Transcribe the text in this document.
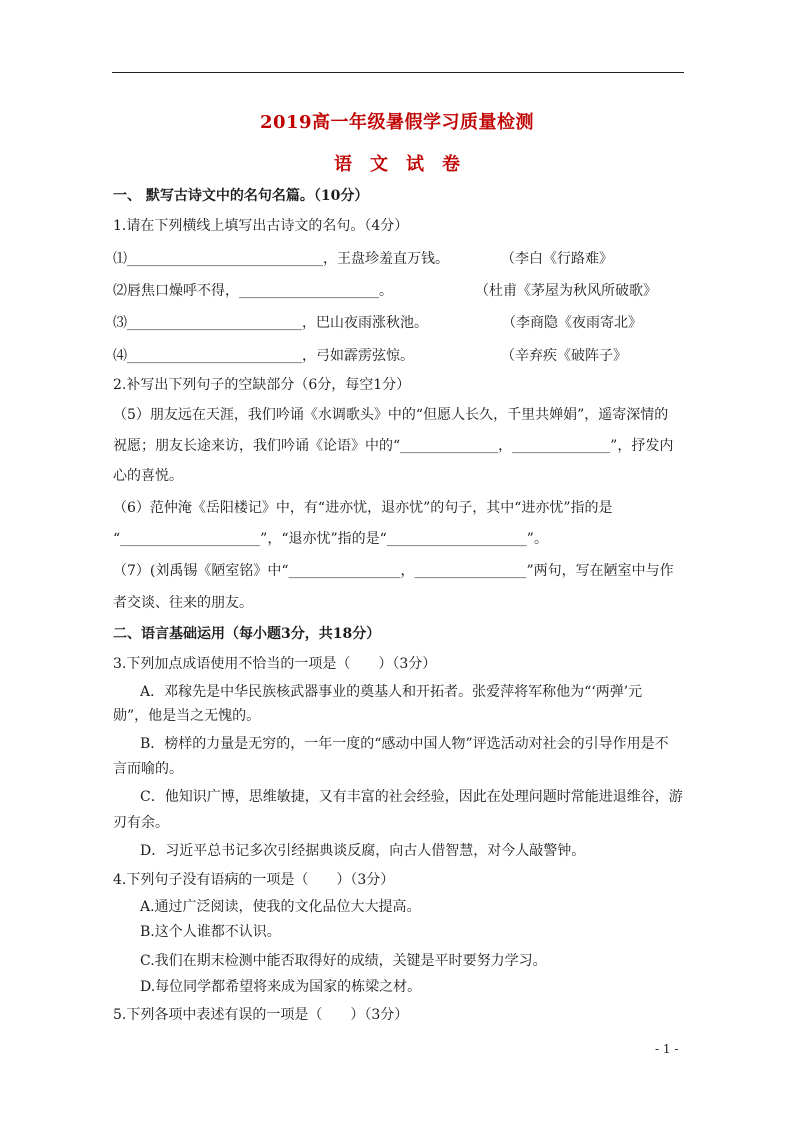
2019高一年级暑假学习质量检测
语　文　试　卷
一、 默写古诗文中的名句名篇。（10分）
1.请在下列横线上填写出古诗文的名句。（4分）
⑴____________________________，王盘珍羞直万钱。	（李白《行路难》
⑵唇焦口燥呼不得，____________________。	（杜甫《茅屋为秋风所破歌》
⑶_________________________，巴山夜雨涨秋池。	（李商隐《夜雨寄北》
⑷_________________________，弓如霹雳弦惊。	（辛弃疾《破阵子》
2.补写出下列句子的空缺部分（6分，每空1分）
（5）朋友远在天涯，我们吟诵《水调歌头》中的“但愿人长久，千里共婵娟”，遥寄深情的
祝愿；朋友长途来访，我们吟诵《论语》中的“______________，______________”，抒发内
心的喜悦。
（6）范仲淹《岳阳楼记》中，有“进亦忧，退亦忧”的句子，其中“进亦忧”指的是
“____________________”，“退亦忧”指的是“____________________”。
（7）(刘禹锡《陋室铭》中“________________，________________”两句，写在陋室中与作
者交谈、往来的朋友。
二、语言基础运用（每小题3分，共18分）
3.下列加点成语使用不恰当的一项是（　　）（3分）
A．邓稼先是中华民族核武器事业的奠基人和开拓者。张爱萍将军称他为“‘两弹’元
勋”，他是当之无愧的。
B．榜样的力量是无穷的，一年一度的“感动中国人物”评选活动对社会的引导作用是不
言而喻的。
C．他知识广博，思维敏捷，又有丰富的社会经验，因此在处理问题时常能进退维谷，游
刃有余。
D．习近平总书记多次引经据典谈反腐，向古人借智慧，对今人敲警钟。
4.下列句子没有语病的一项是（　　）（3分）
A.通过广泛阅读，使我的文化品位大大提高。
B.这个人谁都不认识。
C.我们在期末检测中能否取得好的成绩，关键是平时要努力学习。
D.每位同学都希望将来成为国家的栋梁之材。
5.下列各项中表述有误的一项是（　　）（3分）
- 1 -
